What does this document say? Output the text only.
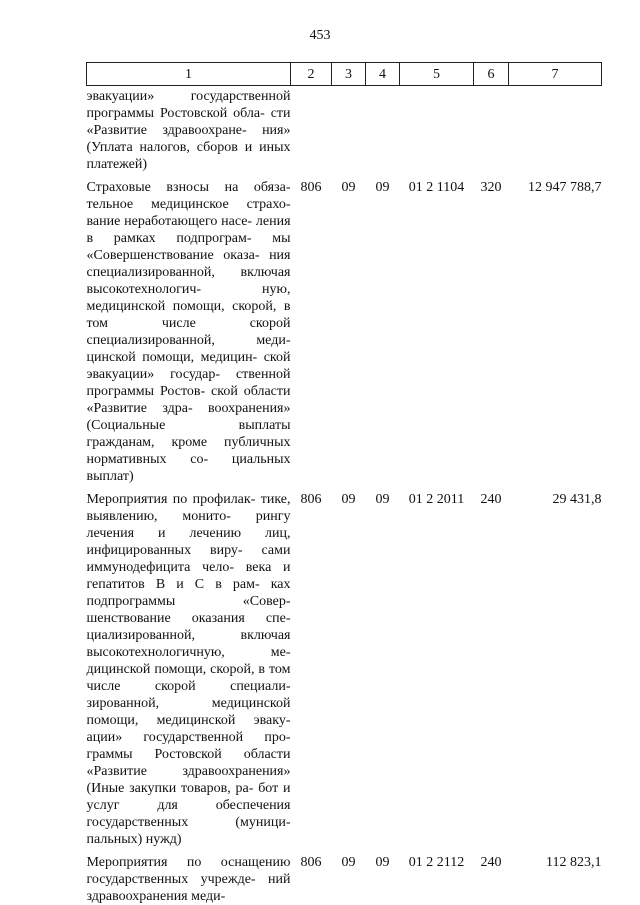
453
1	2	3	4	5	6	7
эвакуации» государственной программы Ростовской обла- сти «Развитие здравоохране- ния» (Уплата налогов, сборов и иных платежей)						

Страховые взносы на обяза- тельное медицинское страхо- вание неработающего насе- ления в рамках подпрограм- мы «Совершенствование оказа- ния специализированной, включая высокотехнологич- ную, медицинской помощи, скорой, в том числе скорой специализированной, меди- цинской помощи, медицин- ской эвакуации» государ- ственной программы Ростов- ской области «Развитие здра- воохранения» (Социальные выплаты гражданам, кроме публичных нормативных со- циальных выплат)	806	09	09	01 2 1104	320	12 947 788,7

Мероприятия по профилак- тике, выявлению, монито- рингу лечения и лечению лиц, инфицированных виру- сами иммунодефицита чело- века и гепатитов В и С в рам- ках подпрограммы «Совер- шенствование оказания спе- циализированной, включая высокотехнологичную, ме- дицинской помощи, скорой, в том числе скорой специали- зированной, медицинской помощи, медицинской эваку- ации» государственной про- граммы Ростовской области «Развитие здравоохранения» (Иные закупки товаров, ра- бот и услуг для обеспечения государственных (муници- пальных) нужд)	806	09	09	01 2 2011	240	29 431,8

Мероприятия по оснащению государственных учрежде- ний здравоохранения меди-	806	09	09	01 2 2112	240	112 823,1
